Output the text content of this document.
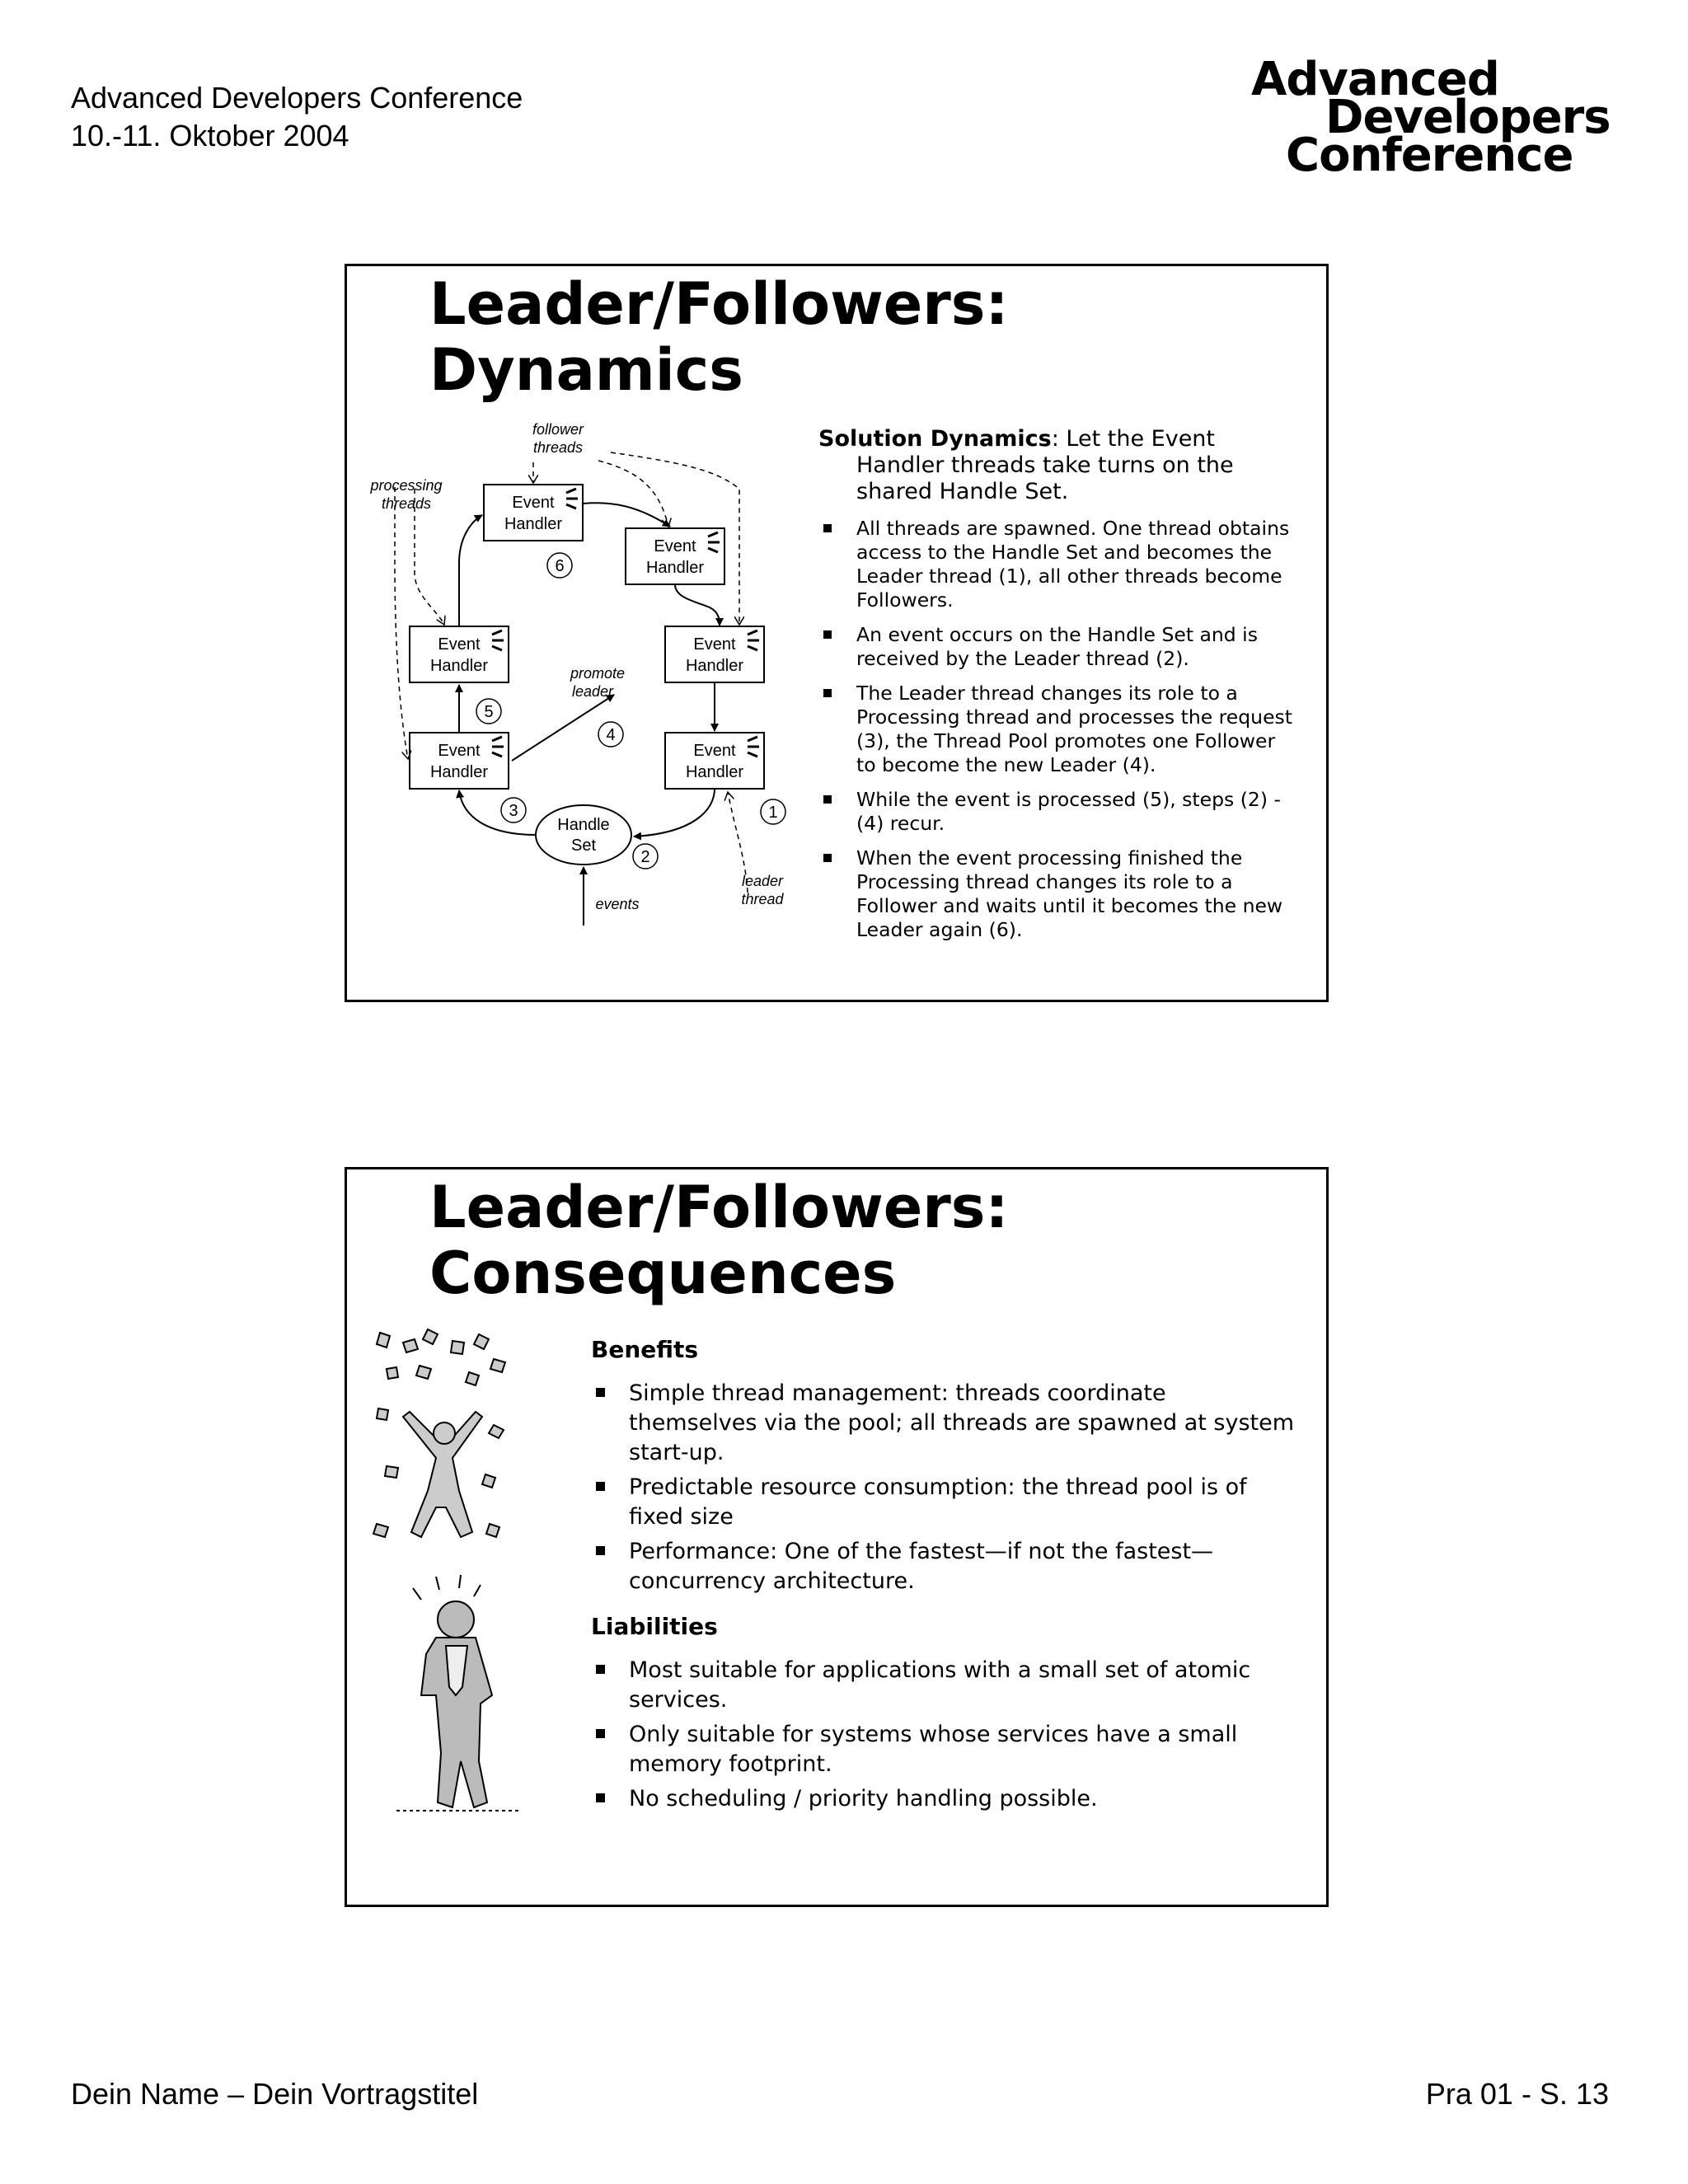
Advanced Developers Conference
10.-11. Oktober 2004
Advanced
Developers
Conference
Leader/Followers:
Dynamics
Event
Handler
Event
Handler
Event
Handler
Event
Handler
Event
Handler
Event
Handler
Handle
Set
follower
threads
processing
threads
promote
leader
leader
thread
events
1
2
3
4
5
6

Solution Dynamics: Let the Event Handler threads take turns on the shared Handle Set.

All threads are spawned. One thread obtains access to the Handle Set and becomes the Leader thread (1), all other threads become Followers.
An event occurs on the Handle Set and is received by the Leader thread (2).
The Leader thread changes its role to a Processing thread and processes the request (3), the Thread Pool promotes one Follower to become the new Leader (4).
While the event is processed (5), steps (2) - (4) recur.
When the event processing finished the Processing thread changes its role to a Follower and waits until it becomes the new Leader again (6).
Leader/Followers:
Consequences
Benefits
Simple thread management: threads coordinate themselves via the pool; all threads are spawned at system start-up.
Predictable resource consumption: the thread pool is of fixed size
Performance: One of the fastest—if not the fastest—concurrency architecture.
Liabilities
Most suitable for applications with a small set of atomic services.
Only suitable for systems whose services have a small memory footprint.
No scheduling / priority handling possible.
Dein Name – Dein Vortragstitel	Pra 01 - S. 13
